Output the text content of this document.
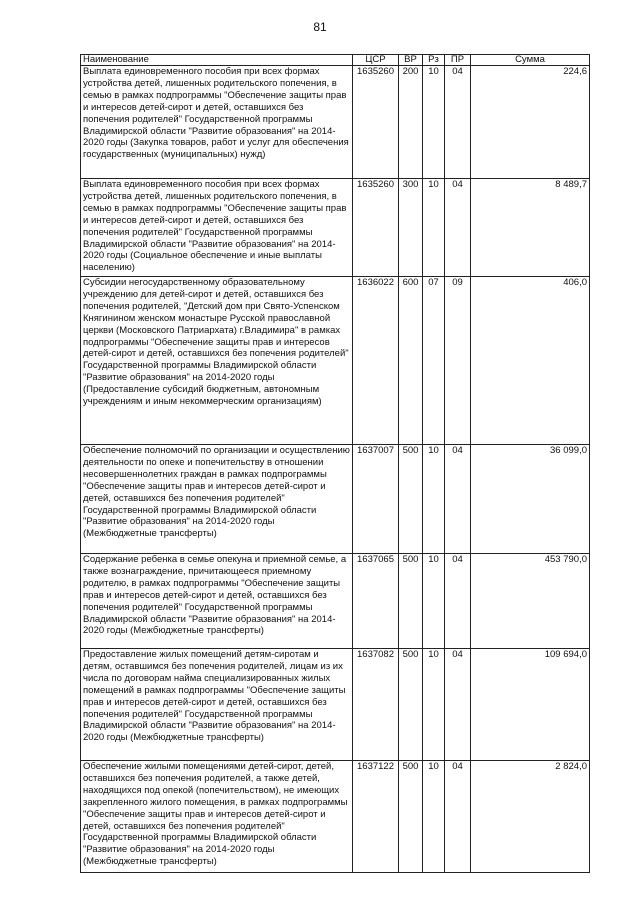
81
Наименование	ЦСР	ВР	Рз	ПР	Сумма
Выплата единовременного пособия при всех формах устройства детей, лишенных родительского попечения, в семью в рамках подпрограммы "Обеспечение защиты прав и интересов детей-сирот и детей, оставшихся без попечения родителей" Государственной программы Владимирской области "Развитие образования" на 2014-2020 годы (Закупка товаров, работ и услуг для обеспечения государственных (муниципальных) нужд)	1635260	200	10	04	224,6
Выплата единовременного пособия при всех формах устройства детей, лишенных родительского попечения, в семью в рамках подпрограммы "Обеспечение защиты прав и интересов детей-сирот и детей, оставшихся без попечения родителей" Государственной программы Владимирской области "Развитие образования" на 2014-2020 годы (Социальное обеспечение и иные выплаты населению)	1635260	300	10	04	8 489,7
Субсидии негосударственному образовательному учреждению для детей-сирот и детей, оставшихся без попечения родителей, "Детский дом при Свято-Успенском Княгинином женском монастыре Русской православной церкви (Московского Патриархата) г.Владимира" в рамках подпрограммы "Обеспечение защиты прав и интересов детей-сирот и детей, оставшихся без попечения родителей" Государственной программы Владимирской области "Развитие образования" на 2014-2020 годы (Предоставление субсидий бюджетным, автономным учреждениям и иным некоммерческим организациям)	1636022	600	07	09	406,0
Обеспечение полномочий по организации и осуществлению деятельности по опеке и попечительству в отношении несовершеннолетних граждан в рамках подпрограммы "Обеспечение защиты прав и интересов детей-сирот и детей, оставшихся без попечения родителей" Государственной программы Владимирской области "Развитие образования" на 2014-2020 годы (Межбюджетные трансферты)	1637007	500	10	04	36 099,0
Содержание ребенка в семье опекуна и приемной семье, а также вознаграждение, причитающееся приемному родителю, в рамках подпрограммы "Обеспечение защиты прав и интересов детей-сирот и детей, оставшихся без попечения родителей" Государственной программы Владимирской области "Развитие образования" на 2014-2020 годы (Межбюджетные трансферты)	1637065	500	10	04	453 790,0
Предоставление жилых помещений детям-сиротам и детям, оставшимся без попечения родителей, лицам из их числа по договорам найма специализированных жилых помещений в рамках подпрограммы "Обеспечение защиты прав и интересов детей-сирот и детей, оставшихся без попечения родителей" Государственной программы Владимирской области "Развитие образования" на 2014-2020 годы (Межбюджетные трансферты)	1637082	500	10	04	109 694,0
Обеспечение жилыми помещениями детей-сирот, детей, оставшихся без попечения родителей, а также детей, находящихся под опекой (попечительством), не имеющих закрепленного жилого помещения, в рамках подпрограммы "Обеспечение защиты прав и интересов детей-сирот и детей, оставшихся без попечения родителей" Государственной программы Владимирской области "Развитие образования" на 2014-2020 годы (Межбюджетные трансферты)	1637122	500	10	04	2 824,0
